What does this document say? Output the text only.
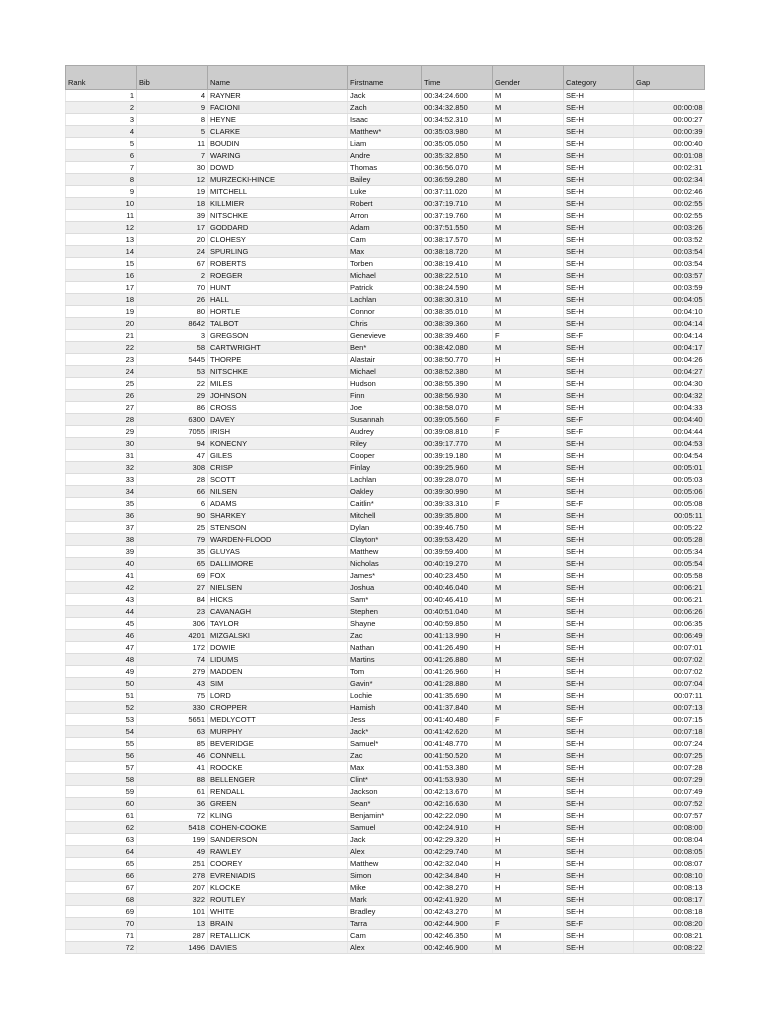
Rank	Bib	Name	Firstname	Time	Gender	Category	Gap
1	4	RAYNER	Jack	00:34:24.600	M	SE-H	
2	9	FACIONI	Zach	00:34:32.850	M	SE-H	00:00:08
3	8	HEYNE	Isaac	00:34:52.310	M	SE-H	00:00:27
4	5	CLARKE	Matthew*	00:35:03.980	M	SE-H	00:00:39
5	11	BOUDIN	Liam	00:35:05.050	M	SE-H	00:00:40
6	7	WARING	Andre	00:35:32.850	M	SE-H	00:01:08
7	30	DOWD	Thomas	00:36:56.070	M	SE-H	00:02:31
8	12	MURZECKI-HINCE	Bailey	00:36:59.280	M	SE-H	00:02:34
9	19	MITCHELL	Luke	00:37:11.020	M	SE-H	00:02:46
10	18	KILLMIER	Robert	00:37:19.710	M	SE-H	00:02:55
11	39	NITSCHKE	Arron	00:37:19.760	M	SE-H	00:02:55
12	17	GODDARD	Adam	00:37:51.550	M	SE-H	00:03:26
13	20	CLOHESY	Cam	00:38:17.570	M	SE-H	00:03:52
14	24	SPURLING	Max	00:38:18.720	M	SE-H	00:03:54
15	67	ROBERTS	Torben	00:38:19.410	M	SE-H	00:03:54
16	2	ROEGER	Michael	00:38:22.510	M	SE-H	00:03:57
17	70	HUNT	Patrick	00:38:24.590	M	SE-H	00:03:59
18	26	HALL	Lachlan	00:38:30.310	M	SE-H	00:04:05
19	80	HORTLE	Connor	00:38:35.010	M	SE-H	00:04:10
20	8642	TALBOT	Chris	00:38:39.360	M	SE-H	00:04:14
21	3	GREGSON	Genevieve	00:38:39.460	F	SE-F	00:04:14
22	58	CARTWRIGHT	Ben*	00:38:42.080	M	SE-H	00:04:17
23	5445	THORPE	Alastair	00:38:50.770	H	SE-H	00:04:26
24	53	NITSCHKE	Michael	00:38:52.380	M	SE-H	00:04:27
25	22	MILES	Hudson	00:38:55.390	M	SE-H	00:04:30
26	29	JOHNSON	Finn	00:38:56.930	M	SE-H	00:04:32
27	86	CROSS	Joe	00:38:58.070	M	SE-H	00:04:33
28	6300	DAVEY	Susannah	00:39:05.560	F	SE-F	00:04:40
29	7055	IRISH	Audrey	00:39:08.810	F	SE-F	00:04:44
30	94	KONECNY	Riley	00:39:17.770	M	SE-H	00:04:53
31	47	GILES	Cooper	00:39:19.180	M	SE-H	00:04:54
32	308	CRISP	Finlay	00:39:25.960	M	SE-H	00:05:01
33	28	SCOTT	Lachlan	00:39:28.070	M	SE-H	00:05:03
34	66	NILSEN	Oakley	00:39:30.990	M	SE-H	00:05:06
35	6	ADAMS	Caitlin*	00:39:33.310	F	SE-F	00:05:08
36	90	SHARKEY	Mitchell	00:39:35.800	M	SE-H	00:05:11
37	25	STENSON	Dylan	00:39:46.750	M	SE-H	00:05:22
38	79	WARDEN-FLOOD	Clayton*	00:39:53.420	M	SE-H	00:05:28
39	35	GLUYAS	Matthew	00:39:59.400	M	SE-H	00:05:34
40	65	DALLIMORE	Nicholas	00:40:19.270	M	SE-H	00:05:54
41	69	FOX	James*	00:40:23.450	M	SE-H	00:05:58
42	27	NIELSEN	Joshua	00:40:46.040	M	SE-H	00:06:21
43	84	HICKS	Sam*	00:40:46.410	M	SE-H	00:06:21
44	23	CAVANAGH	Stephen	00:40:51.040	M	SE-H	00:06:26
45	306	TAYLOR	Shayne	00:40:59.850	M	SE-H	00:06:35
46	4201	MIZGALSKI	Zac	00:41:13.990	H	SE-H	00:06:49
47	172	DOWIE	Nathan	00:41:26.490	H	SE-H	00:07:01
48	74	LIDUMS	Martins	00:41:26.880	M	SE-H	00:07:02
49	279	MADDEN	Tom	00:41:26.960	H	SE-H	00:07:02
50	43	SIM	Gavin*	00:41:28.880	M	SE-H	00:07:04
51	75	LORD	Lochie	00:41:35.690	M	SE-H	00:07:11
52	330	CROPPER	Hamish	00:41:37.840	M	SE-H	00:07:13
53	5651	MEDLYCOTT	Jess	00:41:40.480	F	SE-F	00:07:15
54	63	MURPHY	Jack*	00:41:42.620	M	SE-H	00:07:18
55	85	BEVERIDGE	Samuel*	00:41:48.770	M	SE-H	00:07:24
56	46	CONNELL	Zac	00:41:50.520	M	SE-H	00:07:25
57	41	ROOCKE	Max	00:41:53.380	M	SE-H	00:07:28
58	88	BELLENGER	Clint*	00:41:53.930	M	SE-H	00:07:29
59	61	RENDALL	Jackson	00:42:13.670	M	SE-H	00:07:49
60	36	GREEN	Sean*	00:42:16.630	M	SE-H	00:07:52
61	72	KLING	Benjamin*	00:42:22.090	M	SE-H	00:07:57
62	5418	COHEN-COOKE	Samuel	00:42:24.910	H	SE-H	00:08:00
63	199	SANDERSON	Jack	00:42:29.320	H	SE-H	00:08:04
64	49	RAWLEY	Alex	00:42:29.740	M	SE-H	00:08:05
65	251	COOREY	Matthew	00:42:32.040	H	SE-H	00:08:07
66	278	EVRENIADIS	Simon	00:42:34.840	H	SE-H	00:08:10
67	207	KLOCKE	Mike	00:42:38.270	H	SE-H	00:08:13
68	322	ROUTLEY	Mark	00:42:41.920	M	SE-H	00:08:17
69	101	WHITE	Bradley	00:42:43.270	M	SE-H	00:08:18
70	13	BRAIN	Tarra	00:42:44.900	F	SE-F	00:08:20
71	287	RETALLICK	Cam	00:42:46.350	M	SE-H	00:08:21
72	1496	DAVIES	Alex	00:42:46.900	M	SE-H	00:08:22
